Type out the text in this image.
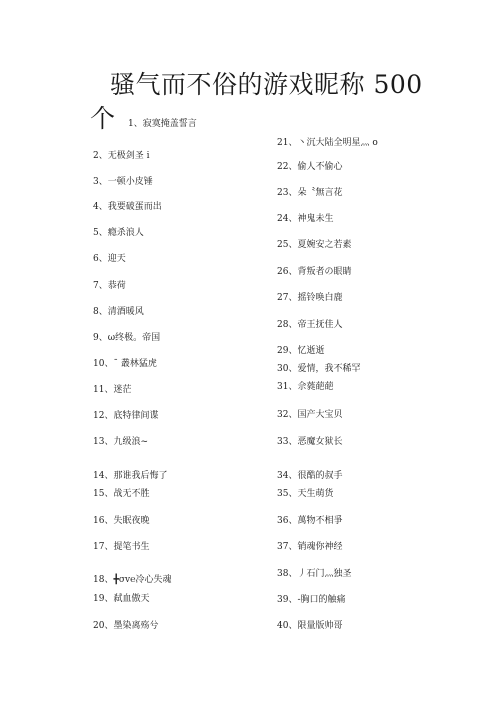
骚气而不俗的游戏昵称 500
个 1、寂寞掩盖誓言
2、无极剑圣 i
3、一顿小皮锤
4、我要破蛋而出
5、瘾杀浪人
6、迎天
7、恭荷
8、清酒暖风
9、ω终极。帝国
10、ˉ 叢林猛虎
11、迷茫
12、底特律间谍
13、九级浪~
14、那谁我后悔了
15、战无不胜
16、失眠夜晚
17、提笔书生
18、╋σv℮冷心失魂
19、弑血傲天
20、墨染离殇兮
21、丶沉大陆全明星灬 o
22、偷人不偷心
23、朵〝無言花
24、神鬼未生
25、夏婉安之若素
26、背叛者の眼睛
27、摇铃唤白鹿
28、帝王抚佳人
29、忆逝逝
30、爱情，我不稀罕
31、佘蕤葩葩
32、国产大宝贝
33、恶魔女狱长
34、很酷的叔手
35、天生萌货
36、萬物不相爭
37、销魂你神经
38、丿石门灬独圣
39、-胸口的触痛
40、限量版帅哥
